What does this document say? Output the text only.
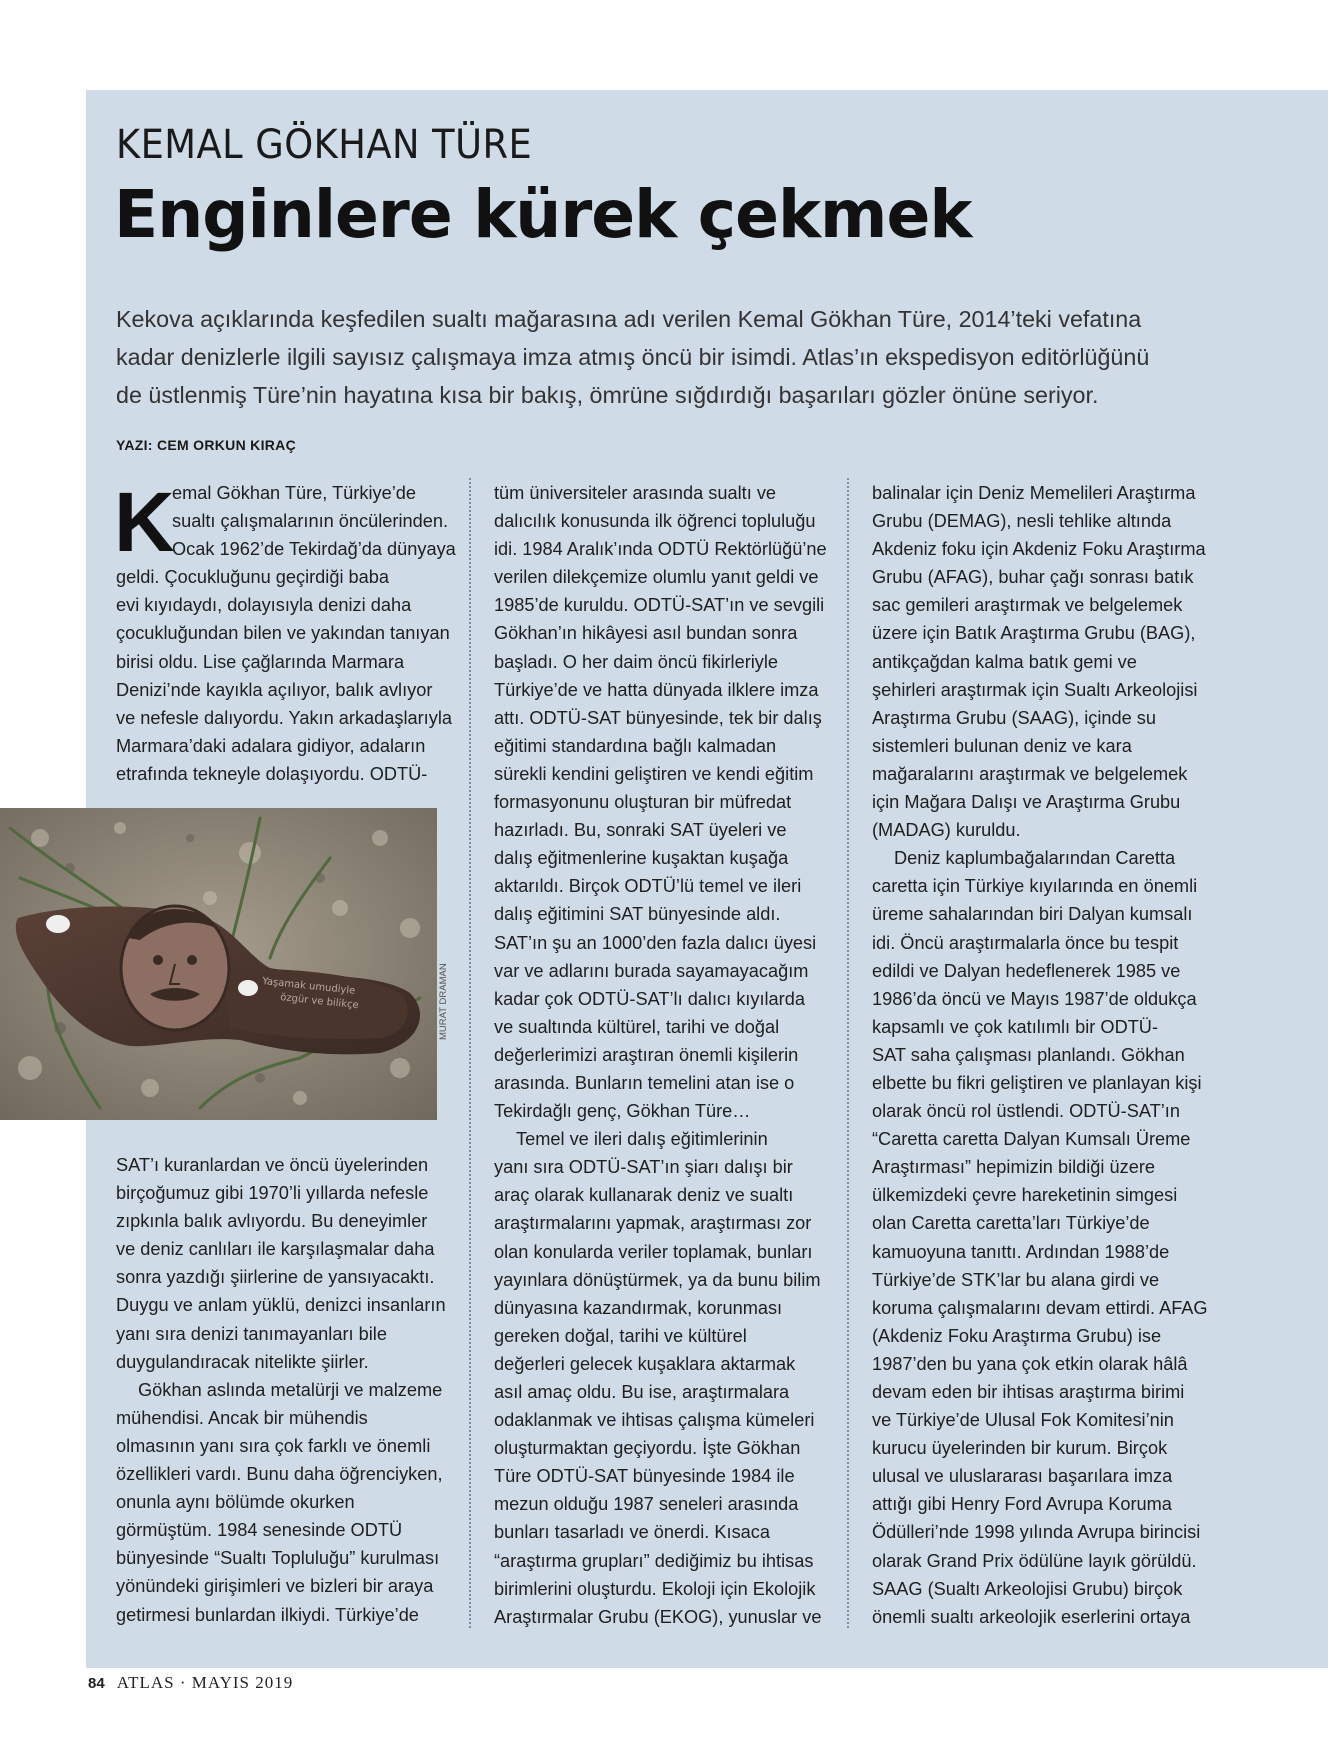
KEMAL GÖKHAN TÜRE
Enginlere kürek çekmek
Kekova açıklarında keşfedilen sualtı mağarasına adı verilen Kemal Gökhan Türe, 2014’teki vefatına
kadar denizlerle ilgili sayısız çalışmaya imza atmış öncü bir isimdi. Atlas’ın ekspedisyon editörlüğünü
de üstlenmiş Türe’nin hayatına kısa bir bakış, ömrüne sığdırdığı başarıları gözler önüne seriyor.
YAZI: CEM ORKUN KIRAÇ
K
emal Gökhan Türe, Türkiye’de
sualtı çalışmalarının öncülerinden.
Ocak 1962’de Tekirdağ’da dünyaya
geldi. Çocukluğunu geçirdiği baba
evi kıyıdaydı, dolayısıyla denizi daha
çocukluğundan bilen ve yakından tanıyan
birisi oldu. Lise çağlarında Marmara
Denizi’nde kayıkla açılıyor, balık avlıyor
ve nefesle dalıyordu. Yakın arkadaşlarıyla
Marmara’daki adalara gidiyor, adaların
etrafında tekneyle dolaşıyordu. ODTÜ-
Yaşamak umudiyle
özgür ve bilikçe	MURAT DRAMAN
SAT’ı kuranlardan ve öncü üyelerinden
birçoğumuz gibi 1970’li yıllarda nefesle
zıpkınla balık avlıyordu. Bu deneyimler
ve deniz canlıları ile karşılaşmalar daha
sonra yazdığı şiirlerine de yansıyacaktı.
Duygu ve anlam yüklü, denizci insanların
yanı sıra denizi tanımayanları bile
duygulandıracak nitelikte şiirler.
Gökhan aslında metalürji ve malzeme
mühendisi. Ancak bir mühendis
olmasının yanı sıra çok farklı ve önemli
özellikleri vardı. Bunu daha öğrenciyken,
onunla aynı bölümde okurken
görmüştüm. 1984 senesinde ODTÜ
bünyesinde “Sualtı Topluluğu” kurulması
yönündeki girişimleri ve bizleri bir araya
getirmesi bunlardan ilkiydi. Türkiye’de
tüm üniversiteler arasında sualtı ve
dalıcılık konusunda ilk öğrenci topluluğu
idi. 1984 Aralık’ında ODTÜ Rektörlüğü’ne
verilen dilekçemize olumlu yanıt geldi ve
1985’de kuruldu. ODTÜ-SAT’ın ve sevgili
Gökhan’ın hikâyesi asıl bundan sonra
başladı. O her daim öncü fikirleriyle
Türkiye’de ve hatta dünyada ilklere imza
attı. ODTÜ-SAT bünyesinde, tek bir dalış
eğitimi standardına bağlı kalmadan
sürekli kendini geliştiren ve kendi eğitim
formasyonunu oluşturan bir müfredat
hazırladı. Bu, sonraki SAT üyeleri ve
dalış eğitmenlerine kuşaktan kuşağa
aktarıldı. Birçok ODTÜ’lü temel ve ileri
dalış eğitimini SAT bünyesinde aldı.
SAT’ın şu an 1000’den fazla dalıcı üyesi
var ve adlarını burada sayamayacağım
kadar çok ODTÜ-SAT’lı dalıcı kıyılarda
ve sualtında kültürel, tarihi ve doğal
değerlerimizi araştıran önemli kişilerin
arasında. Bunların temelini atan ise o
Tekirdağlı genç, Gökhan Türe…
Temel ve ileri dalış eğitimlerinin
yanı sıra ODTÜ-SAT’ın şiarı dalışı bir
araç olarak kullanarak deniz ve sualtı
araştırmalarını yapmak, araştırması zor
olan konularda veriler toplamak, bunları
yayınlara dönüştürmek, ya da bunu bilim
dünyasına kazandırmak, korunması
gereken doğal, tarihi ve kültürel
değerleri gelecek kuşaklara aktarmak
asıl amaç oldu. Bu ise, araştırmalara
odaklanmak ve ihtisas çalışma kümeleri
oluşturmaktan geçiyordu. İşte Gökhan
Türe ODTÜ-SAT bünyesinde 1984 ile
mezun olduğu 1987 seneleri arasında
bunları tasarladı ve önerdi. Kısaca
“araştırma grupları” dediğimiz bu ihtisas
birimlerini oluşturdu. Ekoloji için Ekolojik
Araştırmalar Grubu (EKOG), yunuslar ve
balinalar için Deniz Memelileri Araştırma
Grubu (DEMAG), nesli tehlike altında
Akdeniz foku için Akdeniz Foku Araştırma
Grubu (AFAG), buhar çağı sonrası batık
sac gemileri araştırmak ve belgelemek
üzere için Batık Araştırma Grubu (BAG),
antikçağdan kalma batık gemi ve
şehirleri araştırmak için Sualtı Arkeolojisi
Araştırma Grubu (SAAG), içinde su
sistemleri bulunan deniz ve kara
mağaralarını araştırmak ve belgelemek
için Mağara Dalışı ve Araştırma Grubu
(MADAG) kuruldu.
Deniz kaplumbağalarından Caretta
caretta için Türkiye kıyılarında en önemli
üreme sahalarından biri Dalyan kumsalı
idi. Öncü araştırmalarla önce bu tespit
edildi ve Dalyan hedeflenerek 1985 ve
1986’da öncü ve Mayıs 1987’de oldukça
kapsamlı ve çok katılımlı bir ODTÜ-
SAT saha çalışması planlandı. Gökhan
elbette bu fikri geliştiren ve planlayan kişi
olarak öncü rol üstlendi. ODTÜ-SAT’ın
“Caretta caretta Dalyan Kumsalı Üreme
Araştırması” hepimizin bildiği üzere
ülkemizdeki çevre hareketinin simgesi
olan Caretta caretta’ları Türkiye’de
kamuoyuna tanıttı. Ardından 1988’de
Türkiye’de STK’lar bu alana girdi ve
koruma çalışmalarını devam ettirdi. AFAG
(Akdeniz Foku Araştırma Grubu) ise
1987’den bu yana çok etkin olarak hâlâ
devam eden bir ihtisas araştırma birimi
ve Türkiye’de Ulusal Fok Komitesi’nin
kurucu üyelerinden bir kurum. Birçok
ulusal ve uluslararası başarılara imza
attığı gibi Henry Ford Avrupa Koruma
Ödülleri’nde 1998 yılında Avrupa birincisi
olarak Grand Prix ödülüne layık görüldü.
SAAG (Sualtı Arkeolojisi Grubu) birçok
önemli sualtı arkeolojik eserlerini ortaya
84 ATLAS · MAYIS 2019
